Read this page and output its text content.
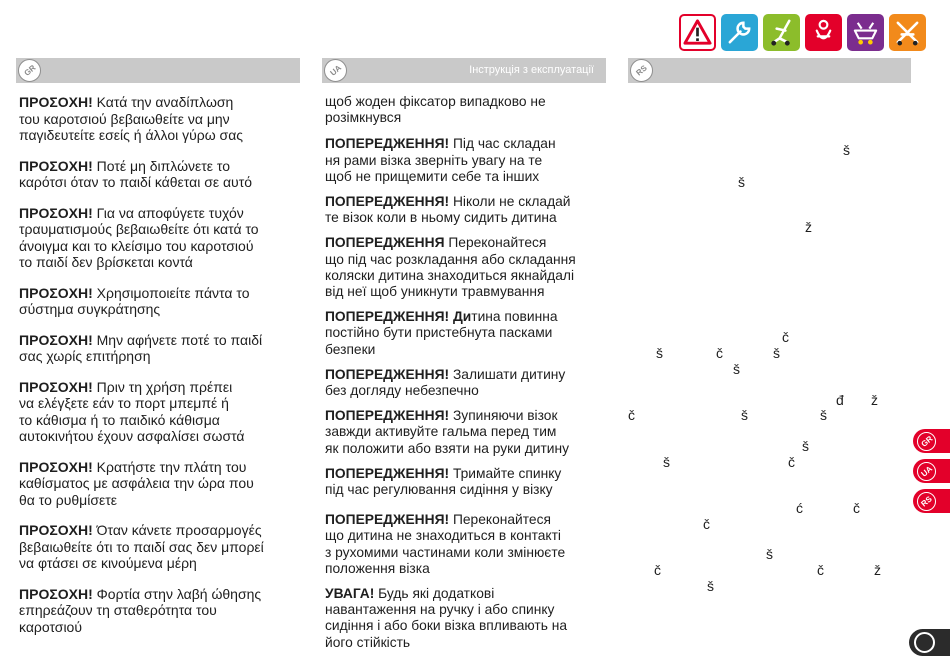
GR	UA	Інструкція з експлуатації	RS

ΠΡΟΣΟΧΗ! Κατά την αναδίπλωση
του καροτσιού βεβαιωθείτε να μην
παγιδευτείτε εσείς ή άλλοι γύρω σας

ΠΡΟΣΟΧΗ! Ποτέ μη διπλώνετε το
καρότσι όταν το παιδί κάθεται σε αυτό

ΠΡΟΣΟΧΗ! Για να αποφύγετε τυχόν
τραυματισμούς βεβαιωθείτε ότι κατά το
άνοιγμα και το κλείσιμο του καροτσιού
το παιδί δεν βρίσκεται κοντά

ΠΡΟΣΟΧΗ! Χρησιμοποιείτε πάντα το
σύστημα συγκράτησης

ΠΡΟΣΟΧΗ! Μην αφήνετε ποτέ το παιδί
σας χωρίς επιτήρηση

ΠΡΟΣΟΧΗ! Πριν τη χρήση πρέπει
να ελέγξετε εάν το πορτ μπεμπέ ή
το κάθισμα ή το παιδικό κάθισμα
αυτοκινήτου έχουν ασφαλίσει σωστά

ΠΡΟΣΟΧΗ! Κρατήστε την πλάτη του
καθίσματος με ασφάλεια την ώρα που
θα το ρυθμίσετε

ΠΡΟΣΟΧΗ! Όταν κάνετε προσαρμογές
βεβαιωθείτε ότι το παιδί σας δεν μπορεί
να φτάσει σε κινούμενα μέρη

ΠΡΟΣΟΧΗ! Φορτία στην λαβή ώθησης
επηρεάζουν τη σταθερότητα του
καροτσιού

щоб жоден фіксатор випадково не
розімкнувся

ПОПЕРЕДЖЕННЯ! Під час складан
ня рами візка зверніть увагу на те
щоб не прищемити себе та інших

ПОПЕРЕДЖЕННЯ! Ніколи не складай
те візок коли в ньому сидить дитина

ПОПЕРЕДЖЕННЯ Переконайтеся
що під час розкладання або складання
коляски дитина знаходиться якнайдалі
від неї щоб уникнути травмування

ПОПЕРЕДЖЕННЯ! Дитина повинна
постійно бути пристебнута пасками
безпеки

ПОПЕРЕДЖЕННЯ! Залишати дитину
без догляду небезпечно

ПОПЕРЕДЖЕННЯ! Зупиняючи візок
завжди активуйте гальма перед тим
як положити або взяти на руки дитину

ПОПЕРЕДЖЕННЯ! Тримайте спинку
під час регулювання сидіння у візку

ПОПЕРЕДЖЕННЯ! Переконайтеся
що дитина не знаходиться в контакті
з рухомими частинами коли змінюєте
положення візка

УВАГА! Будь які додаткові
навантаження на ручку і або спинку
сидіння і або боки візка впливають на
його стійкість

š
š
ž
č
š	č	š
š
đ ž
č	š	š
š
š	č
ć	č
č
š
č	č	ž
š
GR
UA
RS
